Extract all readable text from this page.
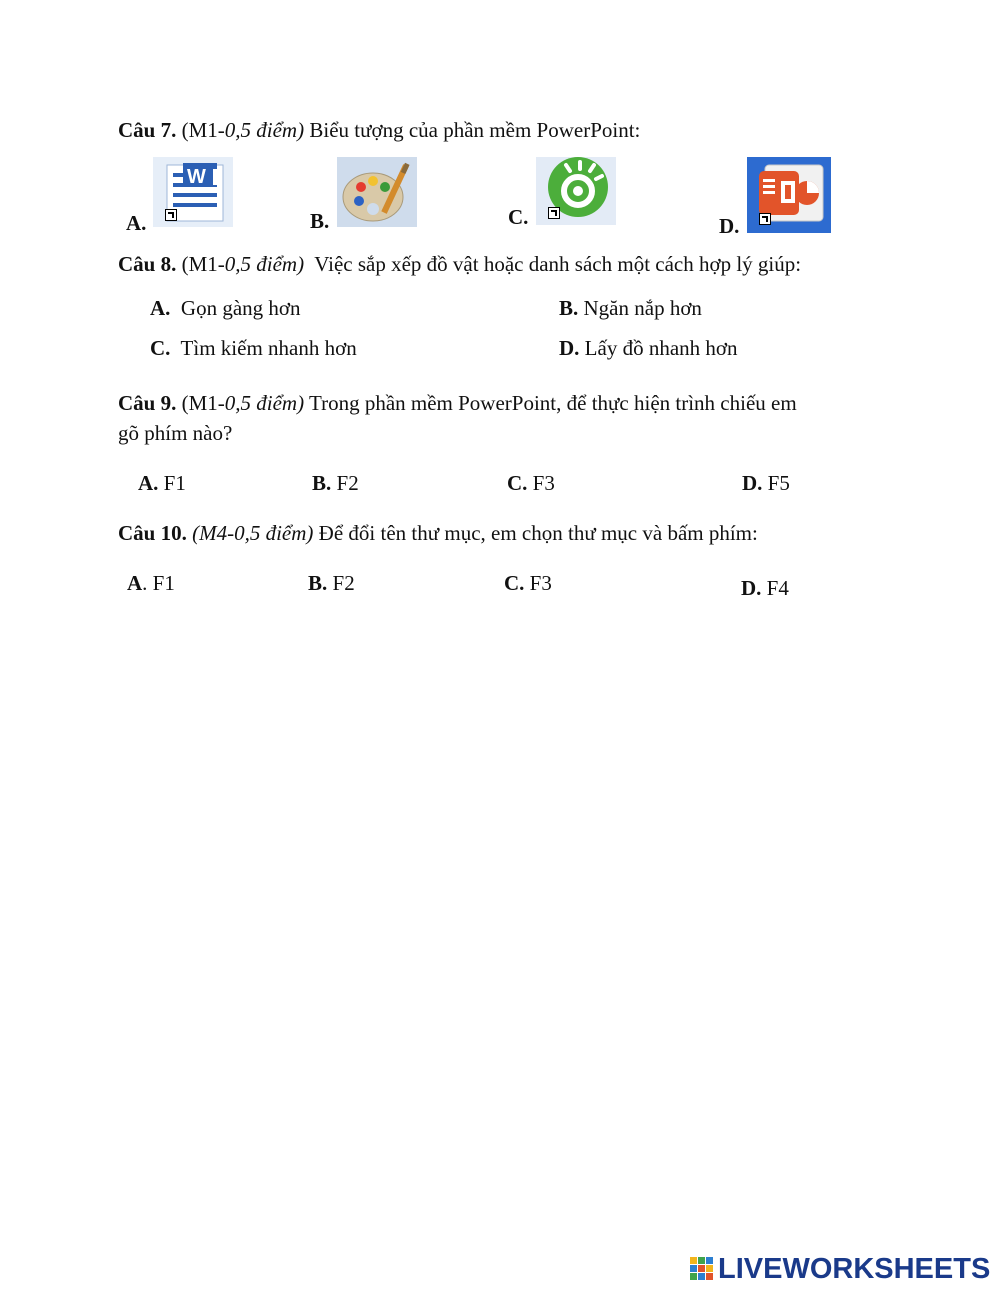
Câu 7. (M1-0,5 điểm) Biểu tượng của phần mềm PowerPoint:
A.
W
B.	C.	D.
Câu 8. (M1-0,5 điểm)  Việc sắp xếp đồ vật hoặc danh sách một cách hợp lý giúp:
A. Gọn gàng hơn	B. Ngăn nắp hơn
C. Tìm kiếm nhanh hơn	D. Lấy đồ nhanh hơn
Câu 9. (M1-0,5 điểm) Trong phần mềm PowerPoint, để thực hiện trình chiếu em
gõ phím nào?
A. F1	B. F2	C. F3	D. F5
Câu 10. (M4-0,5 điểm) Để đổi tên thư mục, em chọn thư mục và bấm phím:
A. F1	B. F2	C. F3	D. F4
LIVEWORKSHEETS
